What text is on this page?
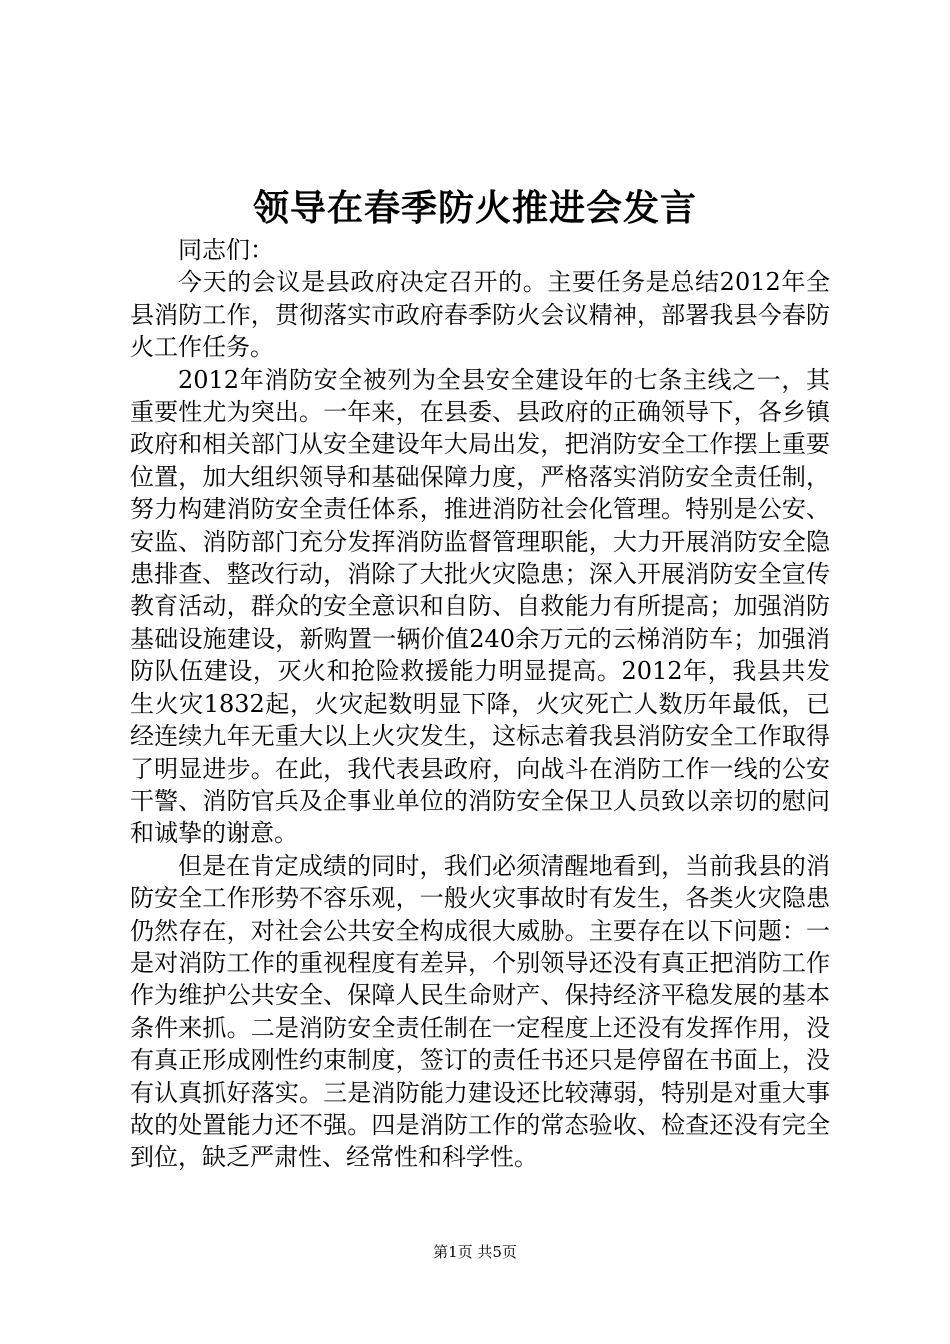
领导在春季防火推进会发言

同志们：

今天的会议是县政府决定召开的。主要任务是总结2012年全县消防工作，贯彻落实市政府春季防火会议精神，部署我县今春防火工作任务。

2012年消防安全被列为全县安全建设年的七条主线之一，其重要性尤为突出。一年来，在县委、县政府的正确领导下，各乡镇政府和相关部门从安全建设年大局出发，把消防安全工作摆上重要位置，加大组织领导和基础保障力度，严格落实消防安全责任制，努力构建消防安全责任体系，推进消防社会化管理。特别是公安、安监、消防部门充分发挥消防监督管理职能，大力开展消防安全隐患排查、整改行动，消除了大批火灾隐患；深入开展消防安全宣传教育活动，群众的安全意识和自防、自救能力有所提高；加强消防基础设施建设，新购置一辆价值240余万元的云梯消防车；加强消防队伍建设，灭火和抢险救援能力明显提高。2012年，我县共发生火灾1832起，火灾起数明显下降，火灾死亡人数历年最低，已经连续九年无重大以上火灾发生，这标志着我县消防安全工作取得了明显进步。在此，我代表县政府，向战斗在消防工作一线的公安干警、消防官兵及企事业单位的消防安全保卫人员致以亲切的慰问和诚挚的谢意。

但是在肯定成绩的同时，我们必须清醒地看到，当前我县的消防安全工作形势不容乐观，一般火灾事故时有发生，各类火灾隐患仍然存在，对社会公共安全构成很大威胁。主要存在以下问题：一是对消防工作的重视程度有差异，个别领导还没有真正把消防工作作为维护公共安全、保障人民生命财产、保持经济平稳发展的基本条件来抓。二是消防安全责任制在一定程度上还没有发挥作用，没有真正形成刚性约束制度，签订的责任书还只是停留在书面上，没有认真抓好落实。三是消防能力建设还比较薄弱，特别是对重大事故的处置能力还不强。四是消防工作的常态验收、检查还没有完全到位，缺乏严肃性、经常性和科学性。

第1页 共5页
